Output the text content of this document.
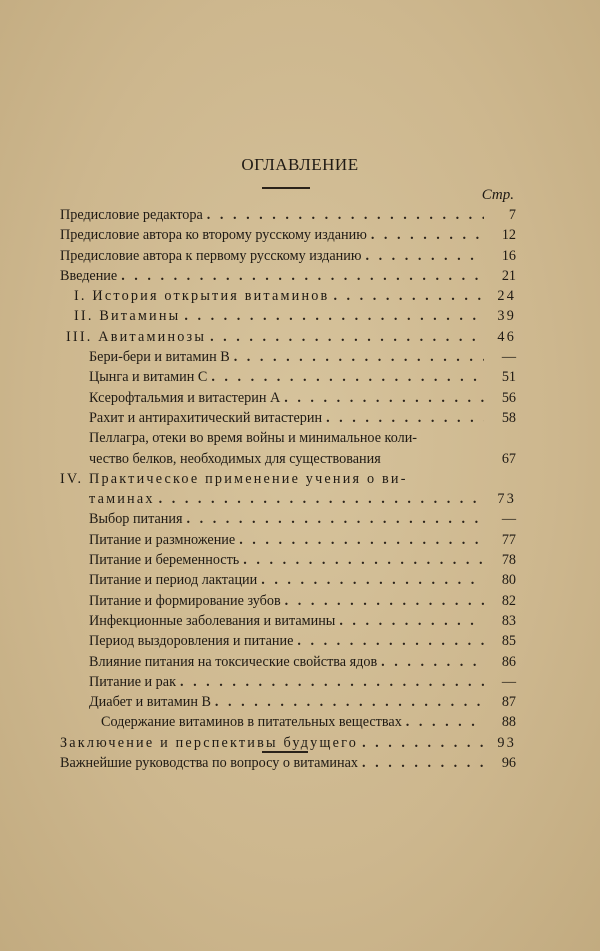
ОГЛАВЛЕНИЕ
Стр.
Предисловие редактора . . .	7
Предисловие автора ко второму русскому изданию . . .	12
Предисловие автора к первому русскому изданию . . .	16
Введение . . .	21
I. История открытия витаминов . . .	24
II. Витамины . . .	39
III. Авитаминозы . . .	46
Бери-бери и витамин В . . .	—
Цынга и витамин С . . .	51
Ксерофтальмия и витастерин А . . .	56
Рахит и антирахитический витастерин . . .	58
Пеллагра, отеки во время войны и минимальное коли-
чество белков, необходимых для существования	67
IV. Практическое применение учения о ви-
таминах . . .	73
Выбор питания . . .	—
Питание и размножение . . .	77
Питание и беременность . . .	78
Питание и период лактации . . .	80
Питание и формирование зубов . . .	82
Инфекционные заболевания и витамины . . .	83
Период выздоровления и питание . . .	85
Влияние питания на токсические свойства ядов . . .	86
Питание и рак . . .	—
Диабет и витамин В . . .	87
Содержание витаминов в питательных веществах . . .	88
Заключение и перспективы будущего . . .	93
Важнейшие руководства по вопросу о витаминах . . .	96
